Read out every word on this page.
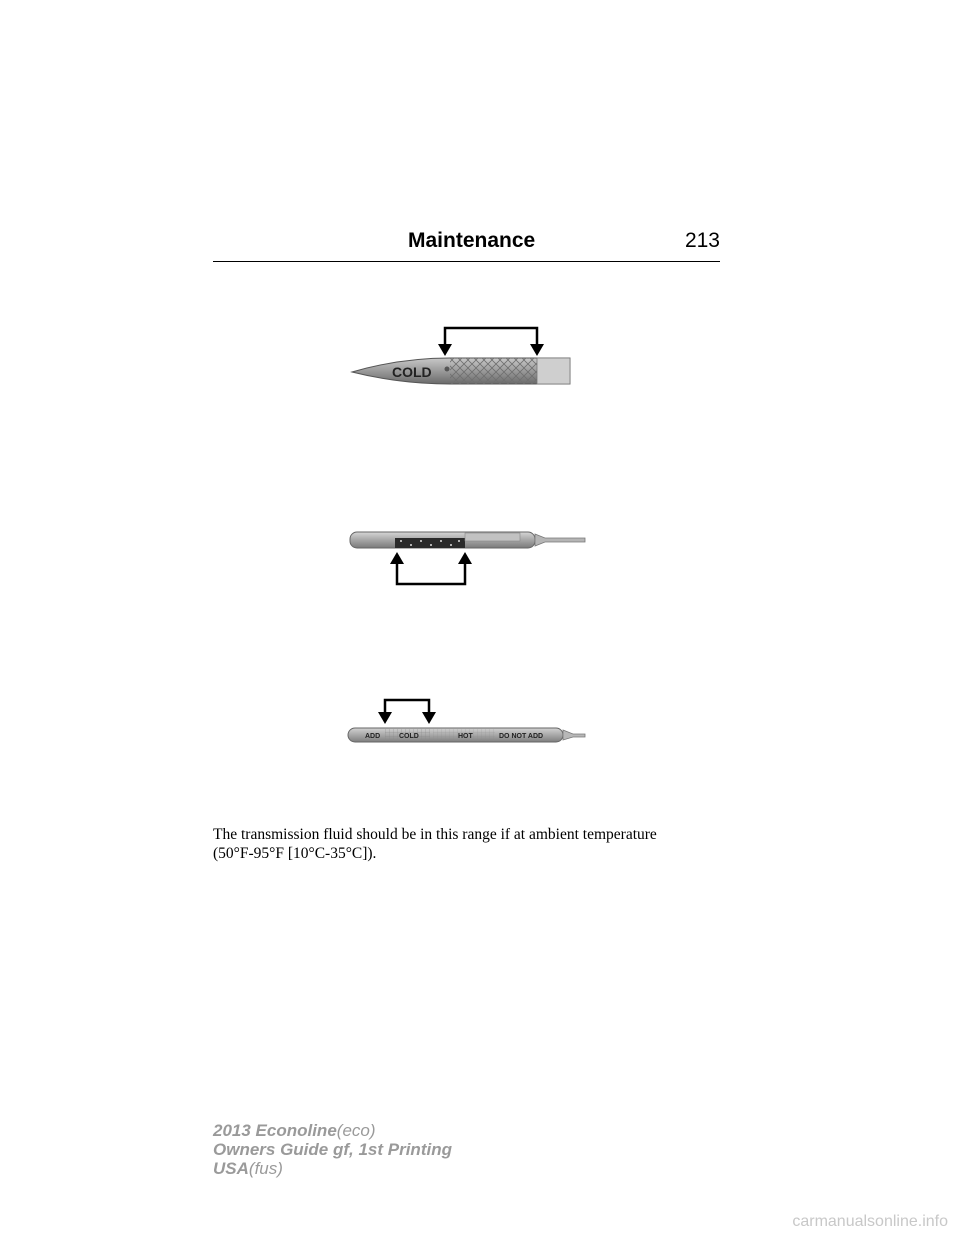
Maintenance	213
COLD
ADD	COLD	HOT	DO NOT ADD
The transmission fluid should be in this range if at ambient temperature
(50°F-95°F [10°C-35°C]).
2013 Econoline(eco)
Owners Guide gf, 1st Printing
USA(fus)
carmanualsonline.info
